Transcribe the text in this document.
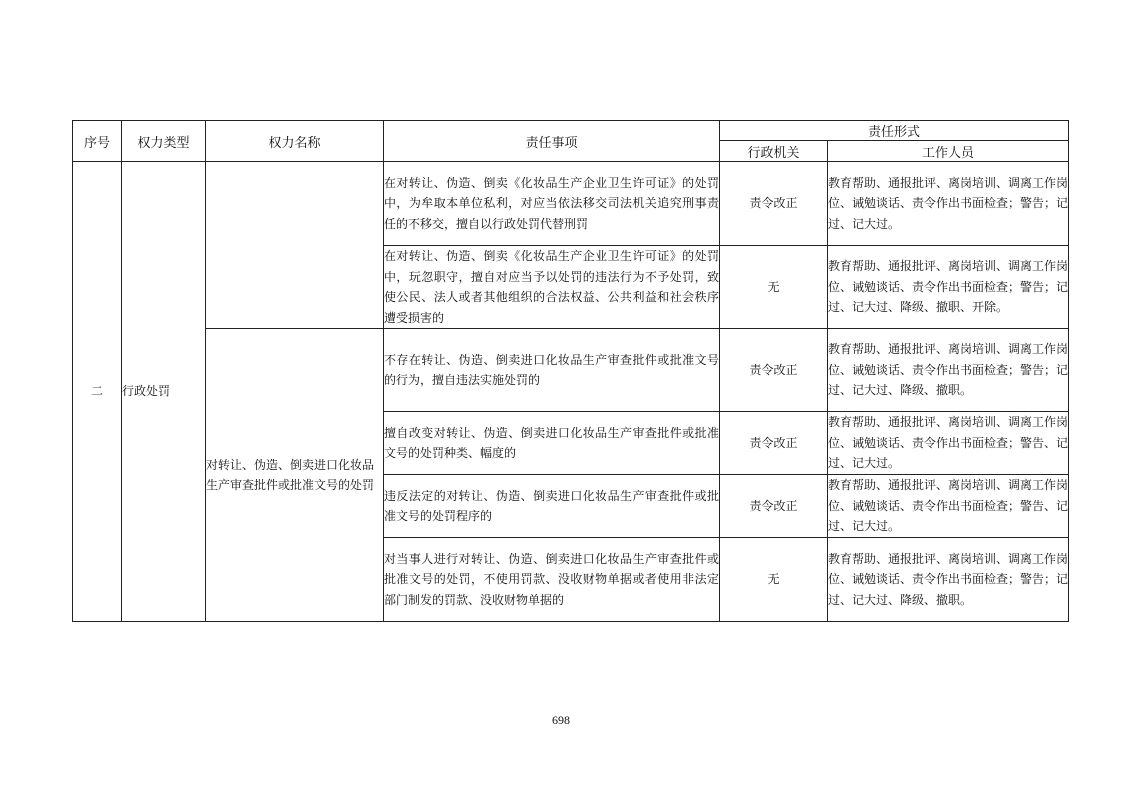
序号	权力类型	权力名称	责任事项	责任形式	
				行政机关	工作人员
二	行政处罚		在对转让、伪造、倒卖《化妆品生产企业卫生许可证》的处罚中，为牟取本单位私利，对应当依法移交司法机关追究刑事责任的不移交，擅自以行政处罚代替刑罚	责令改正	教育帮助、通报批评、离岗培训、调离工作岗位、诫勉谈话、责令作出书面检查；警告；记过、记大过。
			在对转让、伪造、倒卖《化妆品生产企业卫生许可证》的处罚中，玩忽职守，擅自对应当予以处罚的违法行为不予处罚，致使公民、法人或者其他组织的合法权益、公共利益和社会秩序遭受损害的	无	教育帮助、通报批评、离岗培训、调离工作岗位、诫勉谈话、责令作出书面检查；警告；记过、记大过、降级、撤职、开除。
		对转让、伪造、倒卖进口化妆品生产审查批件或批准文号的处罚	不存在转让、伪造、倒卖进口化妆品生产审查批件或批准文号的行为，擅自违法实施处罚的	责令改正	教育帮助、通报批评、离岗培训、调离工作岗位、诫勉谈话、责令作出书面检查；警告；记过、记大过、降级、撤职。
			擅自改变对转让、伪造、倒卖进口化妆品生产审查批件或批准文号的处罚种类、幅度的	责令改正	教育帮助、通报批评、离岗培训、调离工作岗位、诫勉谈话、责令作出书面检查；警告、记过、记大过。
			违反法定的对转让、伪造、倒卖进口化妆品生产审查批件或批准文号的处罚程序的	责令改正	教育帮助、通报批评、离岗培训、调离工作岗位、诫勉谈话、责令作出书面检查；警告、记过、记大过。
			对当事人进行对转让、伪造、倒卖进口化妆品生产审查批件或批准文号的处罚，不使用罚款、没收财物单据或者使用非法定部门制发的罚款、没收财物单据的	无	教育帮助、通报批评、离岗培训、调离工作岗位、诫勉谈话、责令作出书面检查；警告；记过、记大过、降级、撤职。
698
